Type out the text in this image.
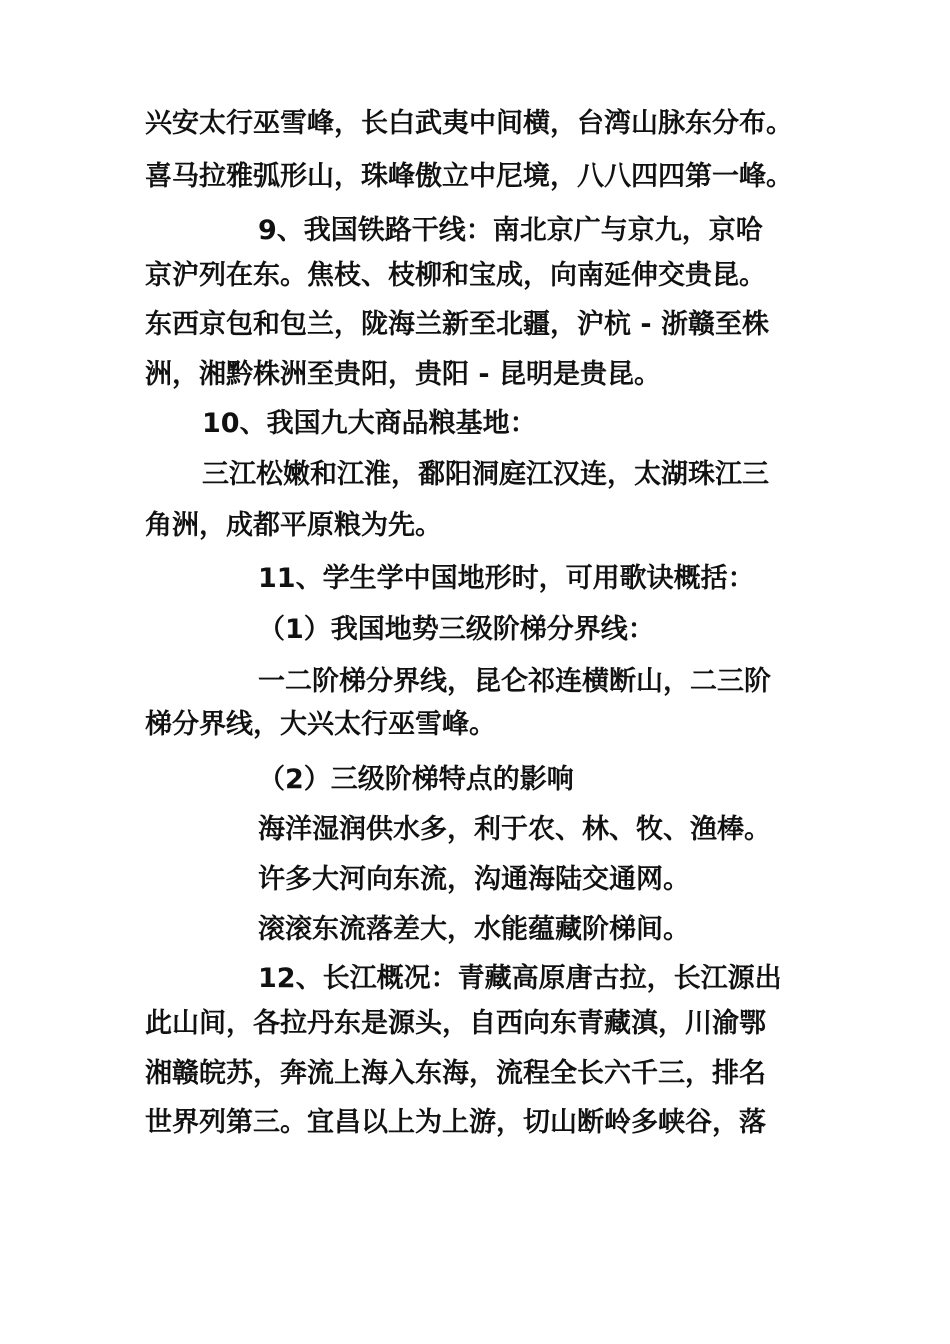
兴安太行巫雪峰，长白武夷中间横，台湾山脉东分布。
喜马拉雅弧形山，珠峰傲立中尼境，八八四四第一峰。
9、我国铁路干线：南北京广与京九，京哈
京沪列在东。焦枝、枝柳和宝成，向南延伸交贵昆。
东西京包和包兰，陇海兰新至北疆，沪杭 - 浙赣至株
洲，湘黔株洲至贵阳，贵阳 - 昆明是贵昆。
10、我国九大商品粮基地：
三江松嫩和江淮，鄱阳洞庭江汉连，太湖珠江三
角洲，成都平原粮为先。
11、学生学中国地形时，可用歌诀概括：
（1）我国地势三级阶梯分界线：
一二阶梯分界线，昆仑祁连横断山，二三阶
梯分界线，大兴太行巫雪峰。
（2）三级阶梯特点的影响
海洋湿润供水多，利于农、林、牧、渔棒。
许多大河向东流，沟通海陆交通网。
滚滚东流落差大，水能蕴藏阶梯间。
12、长江概况：青藏高原唐古拉，长江源出
此山间，各拉丹东是源头，自西向东青藏滇，川渝鄂
湘赣皖苏，奔流上海入东海，流程全长六千三，排名
世界列第三。宜昌以上为上游，切山断岭多峡谷，落
